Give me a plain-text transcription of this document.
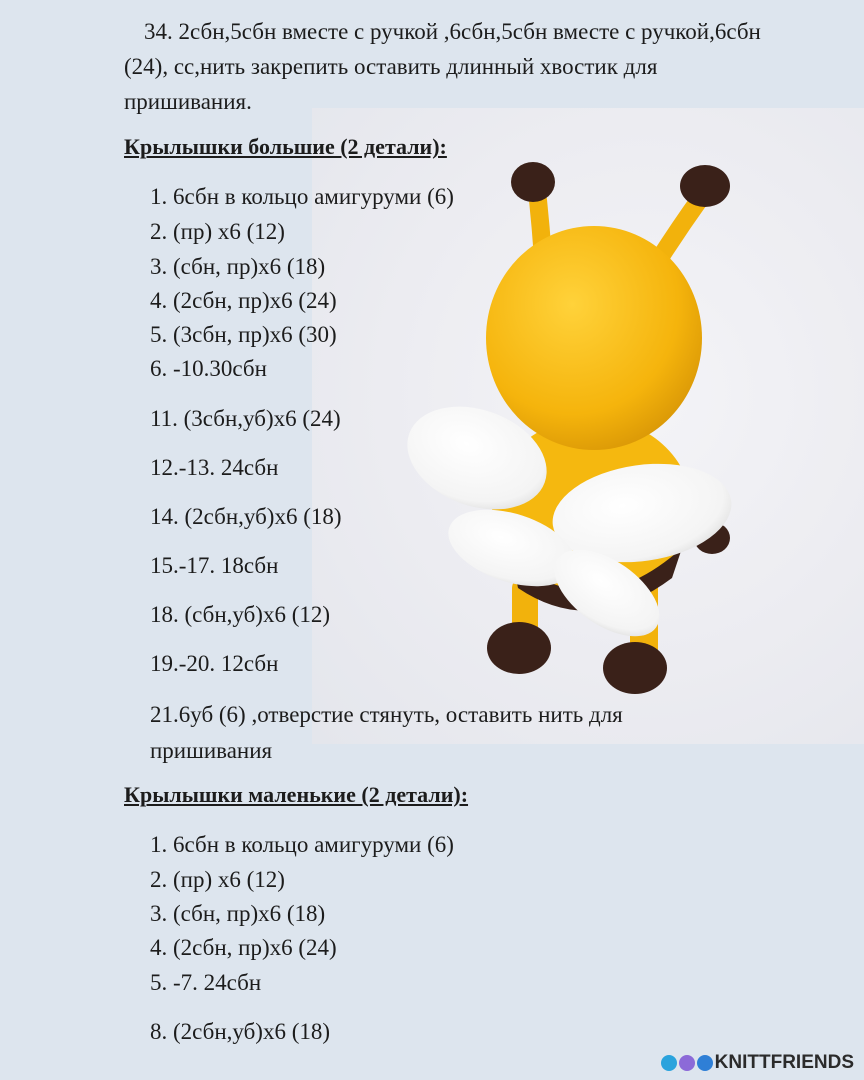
34. 2сбн,5сбн вместе с ручкой ,6сбн,5сбн вместе с ручкой,6сбн (24), сс,нить закрепить оставить длинный хвостик для пришивания.

Крылышки большие (2 детали):

1. 6сбн в кольцо амигуруми (6)

2. (пр) х6 (12)

3. (сбн, пр)х6 (18)

4. (2сбн, пр)х6 (24)

5. (3сбн, пр)х6 (30)

6. -10.30сбн

11. (3сбн,уб)х6 (24)

12.-13. 24сбн

14. (2сбн,уб)х6 (18)

15.-17. 18сбн

18. (сбн,уб)х6 (12)

19.-20. 12сбн

21.6уб (6) ,отверстие стянуть, оставить нить для пришивания

Крылышки маленькие (2 детали):

1. 6сбн в кольцо амигуруми (6)

2. (пр) х6 (12)

3. (сбн, пр)х6 (18)

4. (2сбн, пр)х6 (24)

5. -7. 24сбн

8. (2сбн,уб)х6 (18)

KNITTFRIENDS
